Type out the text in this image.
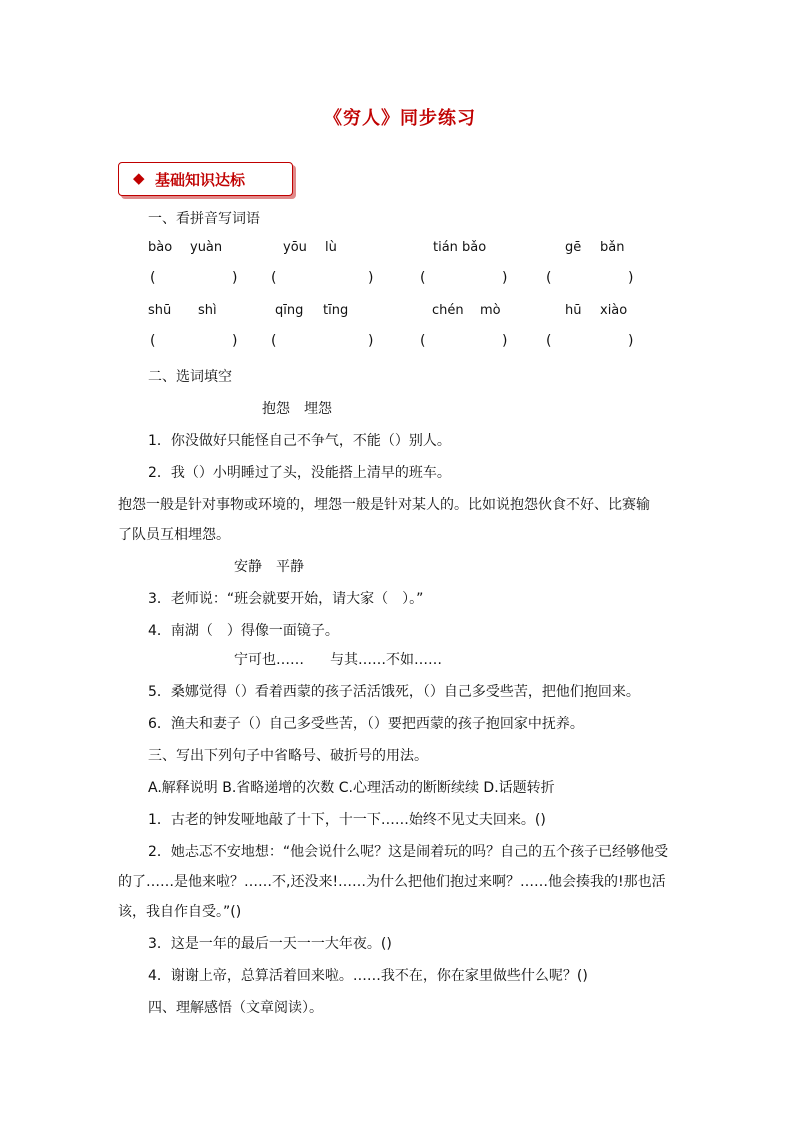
《穷人》同步练习
◆ 基础知识达标
一、看拼音写词语
bào yuàn	yōu lù	tián bǎo	gē bǎn
(	) (	)	(	)	(	)
shū shì	qīng tīng	chén mò	hū xiào
(	) (	)	(	)	(	)
二、选词填空
抱怨　埋怨
1．你没做好只能怪自己不争气，不能（）别人。
2．我（）小明睡过了头，没能搭上清早的班车。
抱怨一般是针对事物或环境的，埋怨一般是针对某人的。比如说抱怨伙食不好、比赛输
了队员互相埋怨。
安静　平静
3．老师说：“班会就要开始，请大家（　）。”
4．南湖（　）得像一面镜子。
宁可也…… 与其……不如……
5．桑娜觉得（）看着西蒙的孩子活活饿死，（）自己多受些苦，把他们抱回来。
6．渔夫和妻子（）自己多受些苦，（）要把西蒙的孩子抱回家中抚养。
三、写出下列句子中省略号、破折号的用法。
A.解释说明 B.省略递增的次数 C.心理活动的断断续续 D.话题转折
1．古老的钟发哑地敲了十下，十一下……始终不见丈夫回来。()
2．她忐忑不安地想：“他会说什么呢？这是闹着玩的吗？自己的五个孩子已经够他受
的了……是他来啦？……不,还没来!……为什么把他们抱过来啊？……他会揍我的!那也活
该，我自作自受。”()
3．这是一年的最后一天一一大年夜。()
4．谢谢上帝，总算活着回来啦。……我不在，你在家里做些什么呢？()
四、理解感悟（文章阅读）。
